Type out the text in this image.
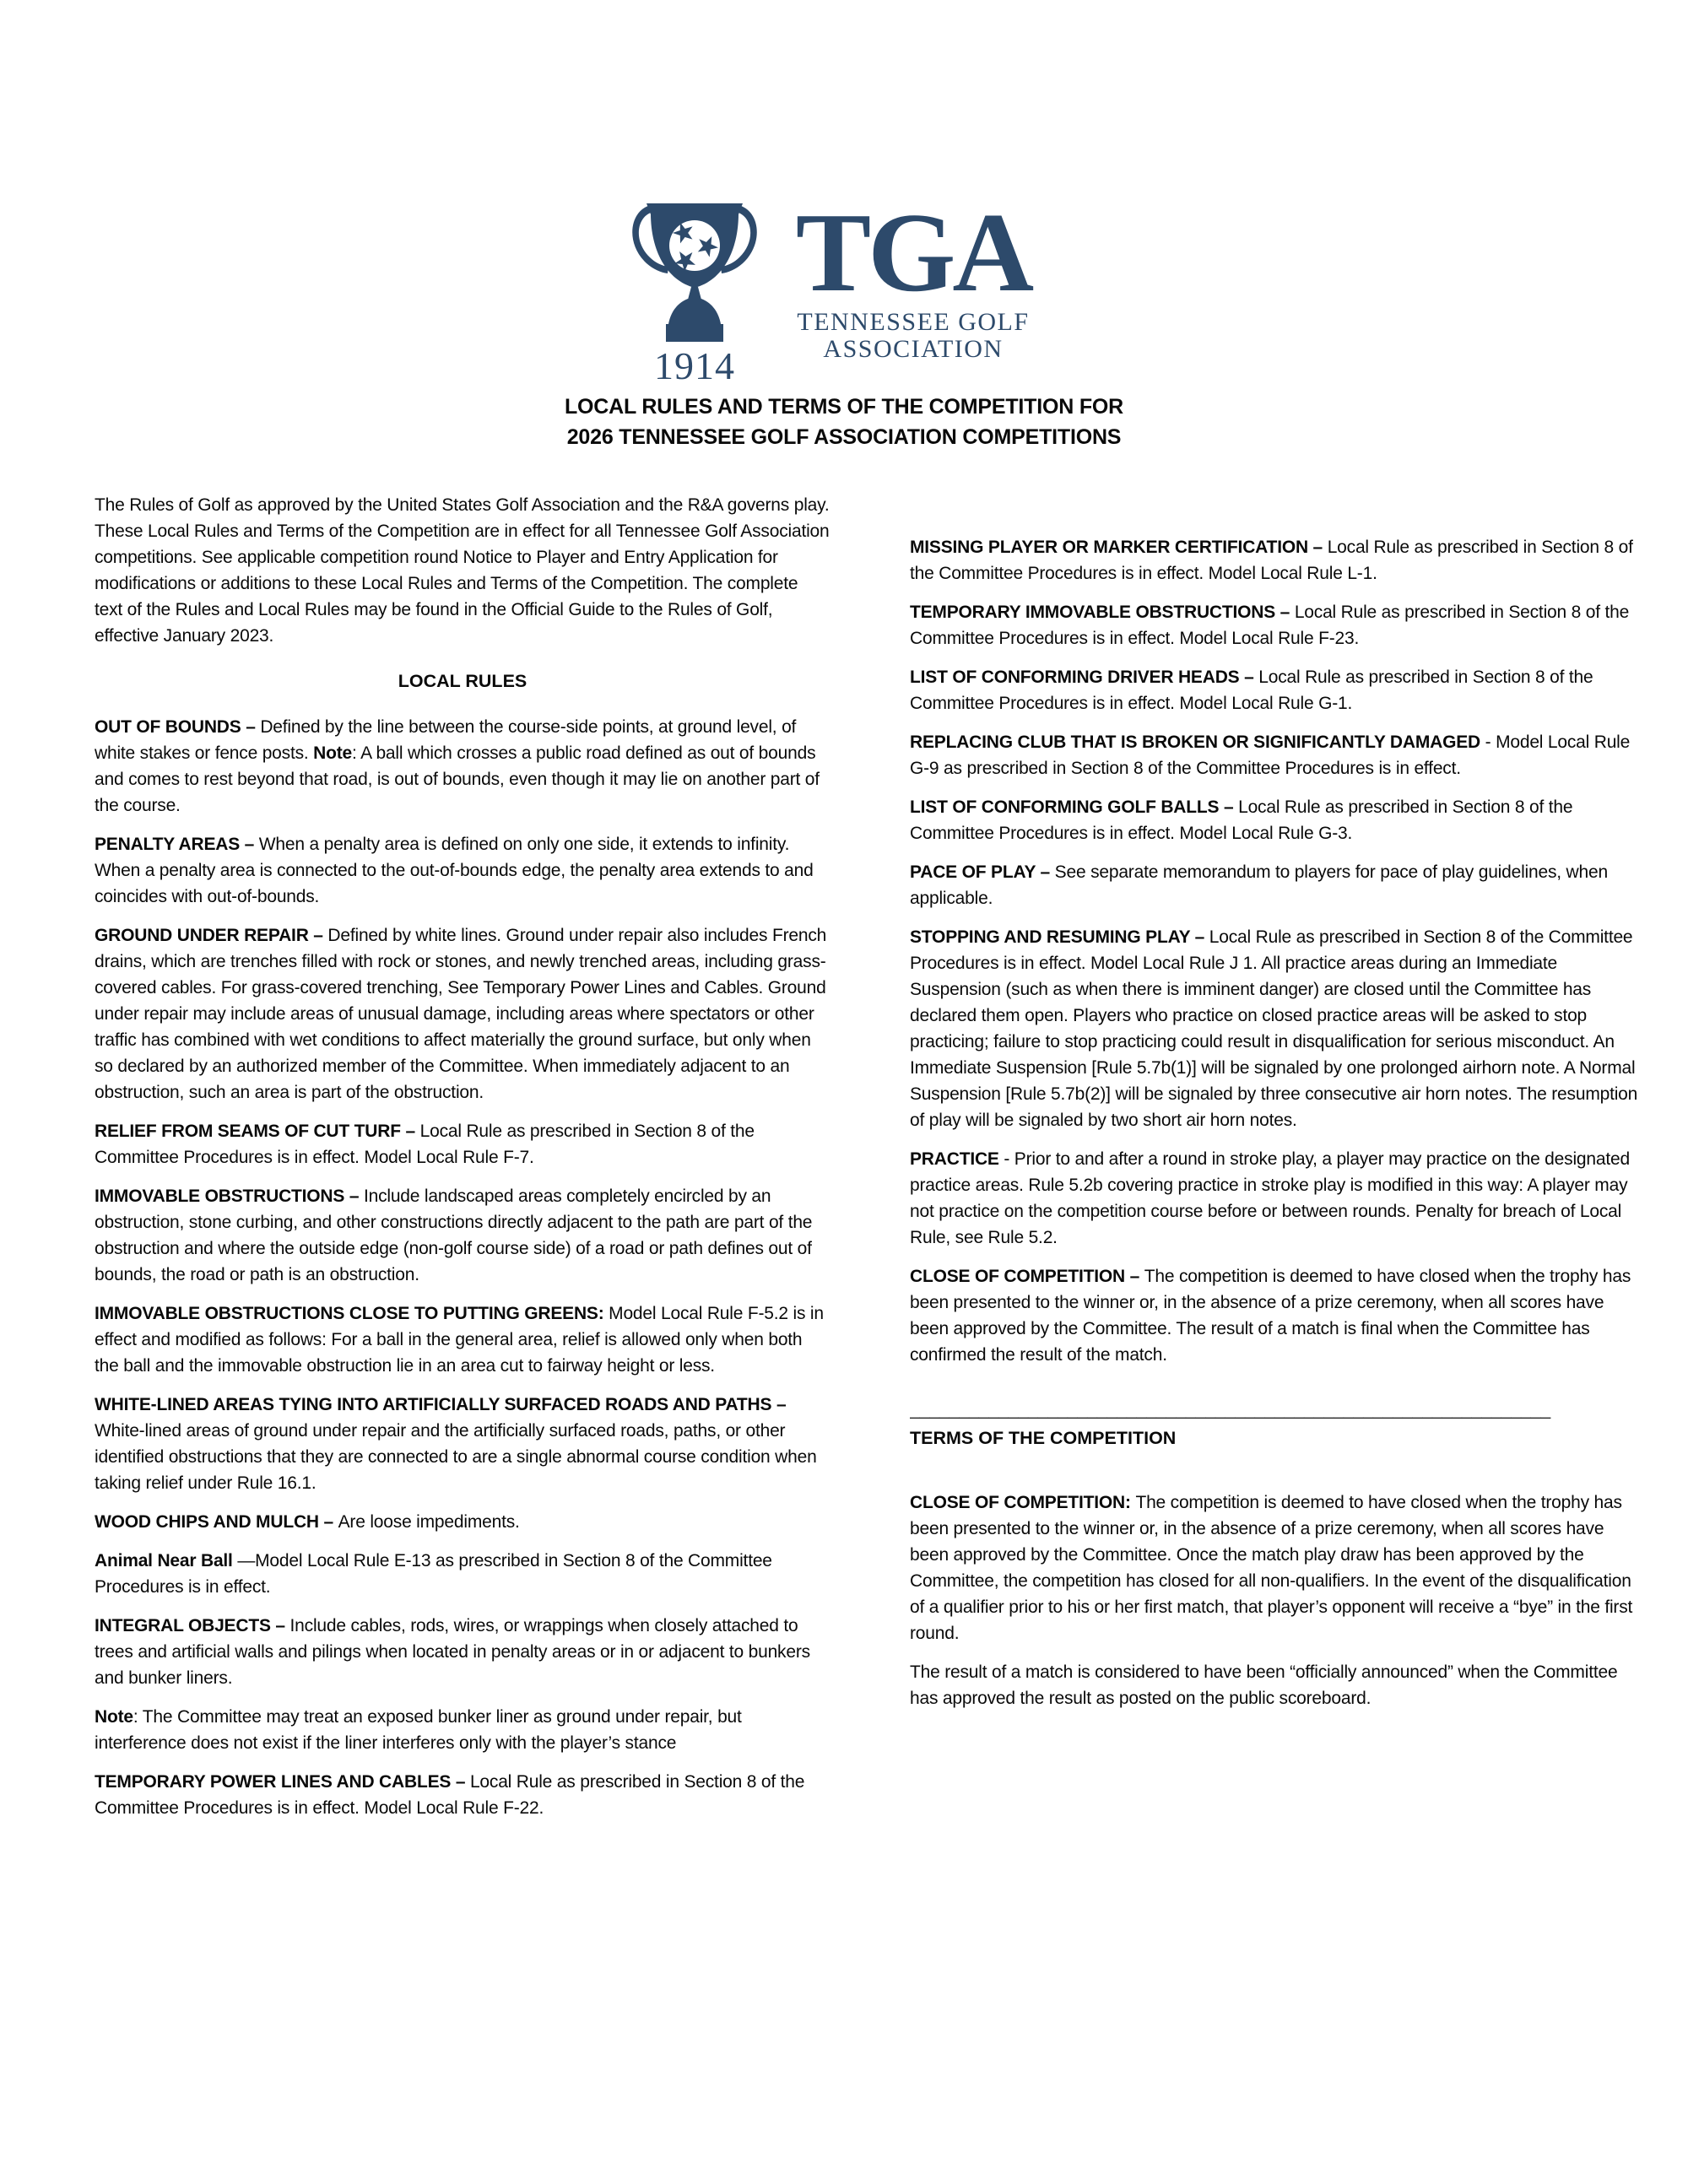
1914
TGA
TENNESSEE GOLF
ASSOCIATION
LOCAL RULES AND TERMS OF THE COMPETITION FOR
2026 TENNESSEE GOLF ASSOCIATION COMPETITIONS

The Rules of Golf as approved by the United States Golf Association and the R&A governs play. These Local Rules and Terms of the Competition are in effect for all Tennessee Golf Association competitions. See applicable competition round Notice to Player and Entry Application for modifications or additions to these Local Rules and Terms of the Competition. The complete text of the Rules and Local Rules may be found in the Official Guide to the Rules of Golf, effective January 2023.

LOCAL RULES

OUT OF BOUNDS – Defined by the line between the course-side points, at ground level, of white stakes or fence posts. Note: A ball which crosses a public road defined as out of bounds and comes to rest beyond that road, is out of bounds, even though it may lie on another part of the course.

PENALTY AREAS – When a penalty area is defined on only one side, it extends to infinity. When a penalty area is connected to the out-of-bounds edge, the penalty area extends to and coincides with out-of-bounds.

GROUND UNDER REPAIR – Defined by white lines. Ground under repair also includes French drains, which are trenches filled with rock or stones, and newly trenched areas, including grass-covered cables. For grass-covered trenching, See Temporary Power Lines and Cables. Ground under repair may include areas of unusual damage, including areas where spectators or other traffic has combined with wet conditions to affect materially the ground surface, but only when so declared by an authorized member of the Committee. When immediately adjacent to an obstruction, such an area is part of the obstruction.

RELIEF FROM SEAMS OF CUT TURF – Local Rule as prescribed in Section 8 of the Committee Procedures is in effect. Model Local Rule F-7.

IMMOVABLE OBSTRUCTIONS – Include landscaped areas completely encircled by an obstruction, stone curbing, and other constructions directly adjacent to the path are part of the obstruction and where the outside edge (non-golf course side) of a road or path defines out of bounds, the road or path is an obstruction.

IMMOVABLE OBSTRUCTIONS CLOSE TO PUTTING GREENS: Model Local Rule F-5.2 is in effect and modified as follows: For a ball in the general area, relief is allowed only when both the ball and the immovable obstruction lie in an area cut to fairway height or less.

WHITE-LINED AREAS TYING INTO ARTIFICIALLY SURFACED ROADS AND PATHS – White-lined areas of ground under repair and the artificially surfaced roads, paths, or other identified obstructions that they are connected to are a single abnormal course condition when taking relief under Rule 16.1.

WOOD CHIPS AND MULCH – Are loose impediments.

Animal Near Ball —Model Local Rule E-13 as prescribed in Section 8 of the Committee Procedures is in effect.

INTEGRAL OBJECTS – Include cables, rods, wires, or wrappings when closely attached to trees and artificial walls and pilings when located in penalty areas or in or adjacent to bunkers and bunker liners.

Note: The Committee may treat an exposed bunker liner as ground under repair, but interference does not exist if the liner interferes only with the player’s stance

TEMPORARY POWER LINES AND CABLES – Local Rule as prescribed in Section 8 of the Committee Procedures is in effect. Model Local Rule F-22.

MISSING PLAYER OR MARKER CERTIFICATION – Local Rule as prescribed in Section 8 of the Committee Procedures is in effect. Model Local Rule L-1.

TEMPORARY IMMOVABLE OBSTRUCTIONS – Local Rule as prescribed in Section 8 of the Committee Procedures is in effect. Model Local Rule F-23.

LIST OF CONFORMING DRIVER HEADS – Local Rule as prescribed in Section 8 of the Committee Procedures is in effect. Model Local Rule G-1.

REPLACING CLUB THAT IS BROKEN OR SIGNIFICANTLY DAMAGED - Model Local Rule G-9 as prescribed in Section 8 of the Committee Procedures is in effect.

LIST OF CONFORMING GOLF BALLS – Local Rule as prescribed in Section 8 of the Committee Procedures is in effect. Model Local Rule G-3.

PACE OF PLAY – See separate memorandum to players for pace of play guidelines, when applicable.

STOPPING AND RESUMING PLAY – Local Rule as prescribed in Section 8 of the Committee Procedures is in effect. Model Local Rule J 1. All practice areas during an Immediate Suspension (such as when there is imminent danger) are closed until the Committee has declared them open. Players who practice on closed practice areas will be asked to stop practicing; failure to stop practicing could result in disqualification for serious misconduct. An Immediate Suspension [Rule 5.7b(1)] will be signaled by one prolonged airhorn note. A Normal Suspension [Rule 5.7b(2)] will be signaled by three consecutive air horn notes. The resumption of play will be signaled by two short air horn notes.

PRACTICE - Prior to and after a round in stroke play, a player may practice on the designated practice areas. Rule 5.2b covering practice in stroke play is modified in this way: A player may not practice on the competition course before or between rounds. Penalty for breach of Local Rule, see Rule 5.2.

CLOSE OF COMPETITION – The competition is deemed to have closed when the trophy has been presented to the winner or, in the absence of a prize ceremony, when all scores have been approved by the Committee. The result of a match is final when the Committee has confirmed the result of the match.

_________________________________________________________________

TERMS OF THE COMPETITION

CLOSE OF COMPETITION: The competition is deemed to have closed when the trophy has been presented to the winner or, in the absence of a prize ceremony, when all scores have been approved by the Committee. Once the match play draw has been approved by the Committee, the competition has closed for all non-qualifiers. In the event of the disqualification of a qualifier prior to his or her first match, that player’s opponent will receive a “bye” in the first round.

The result of a match is considered to have been “officially announced” when the Committee has approved the result as posted on the public scoreboard.
